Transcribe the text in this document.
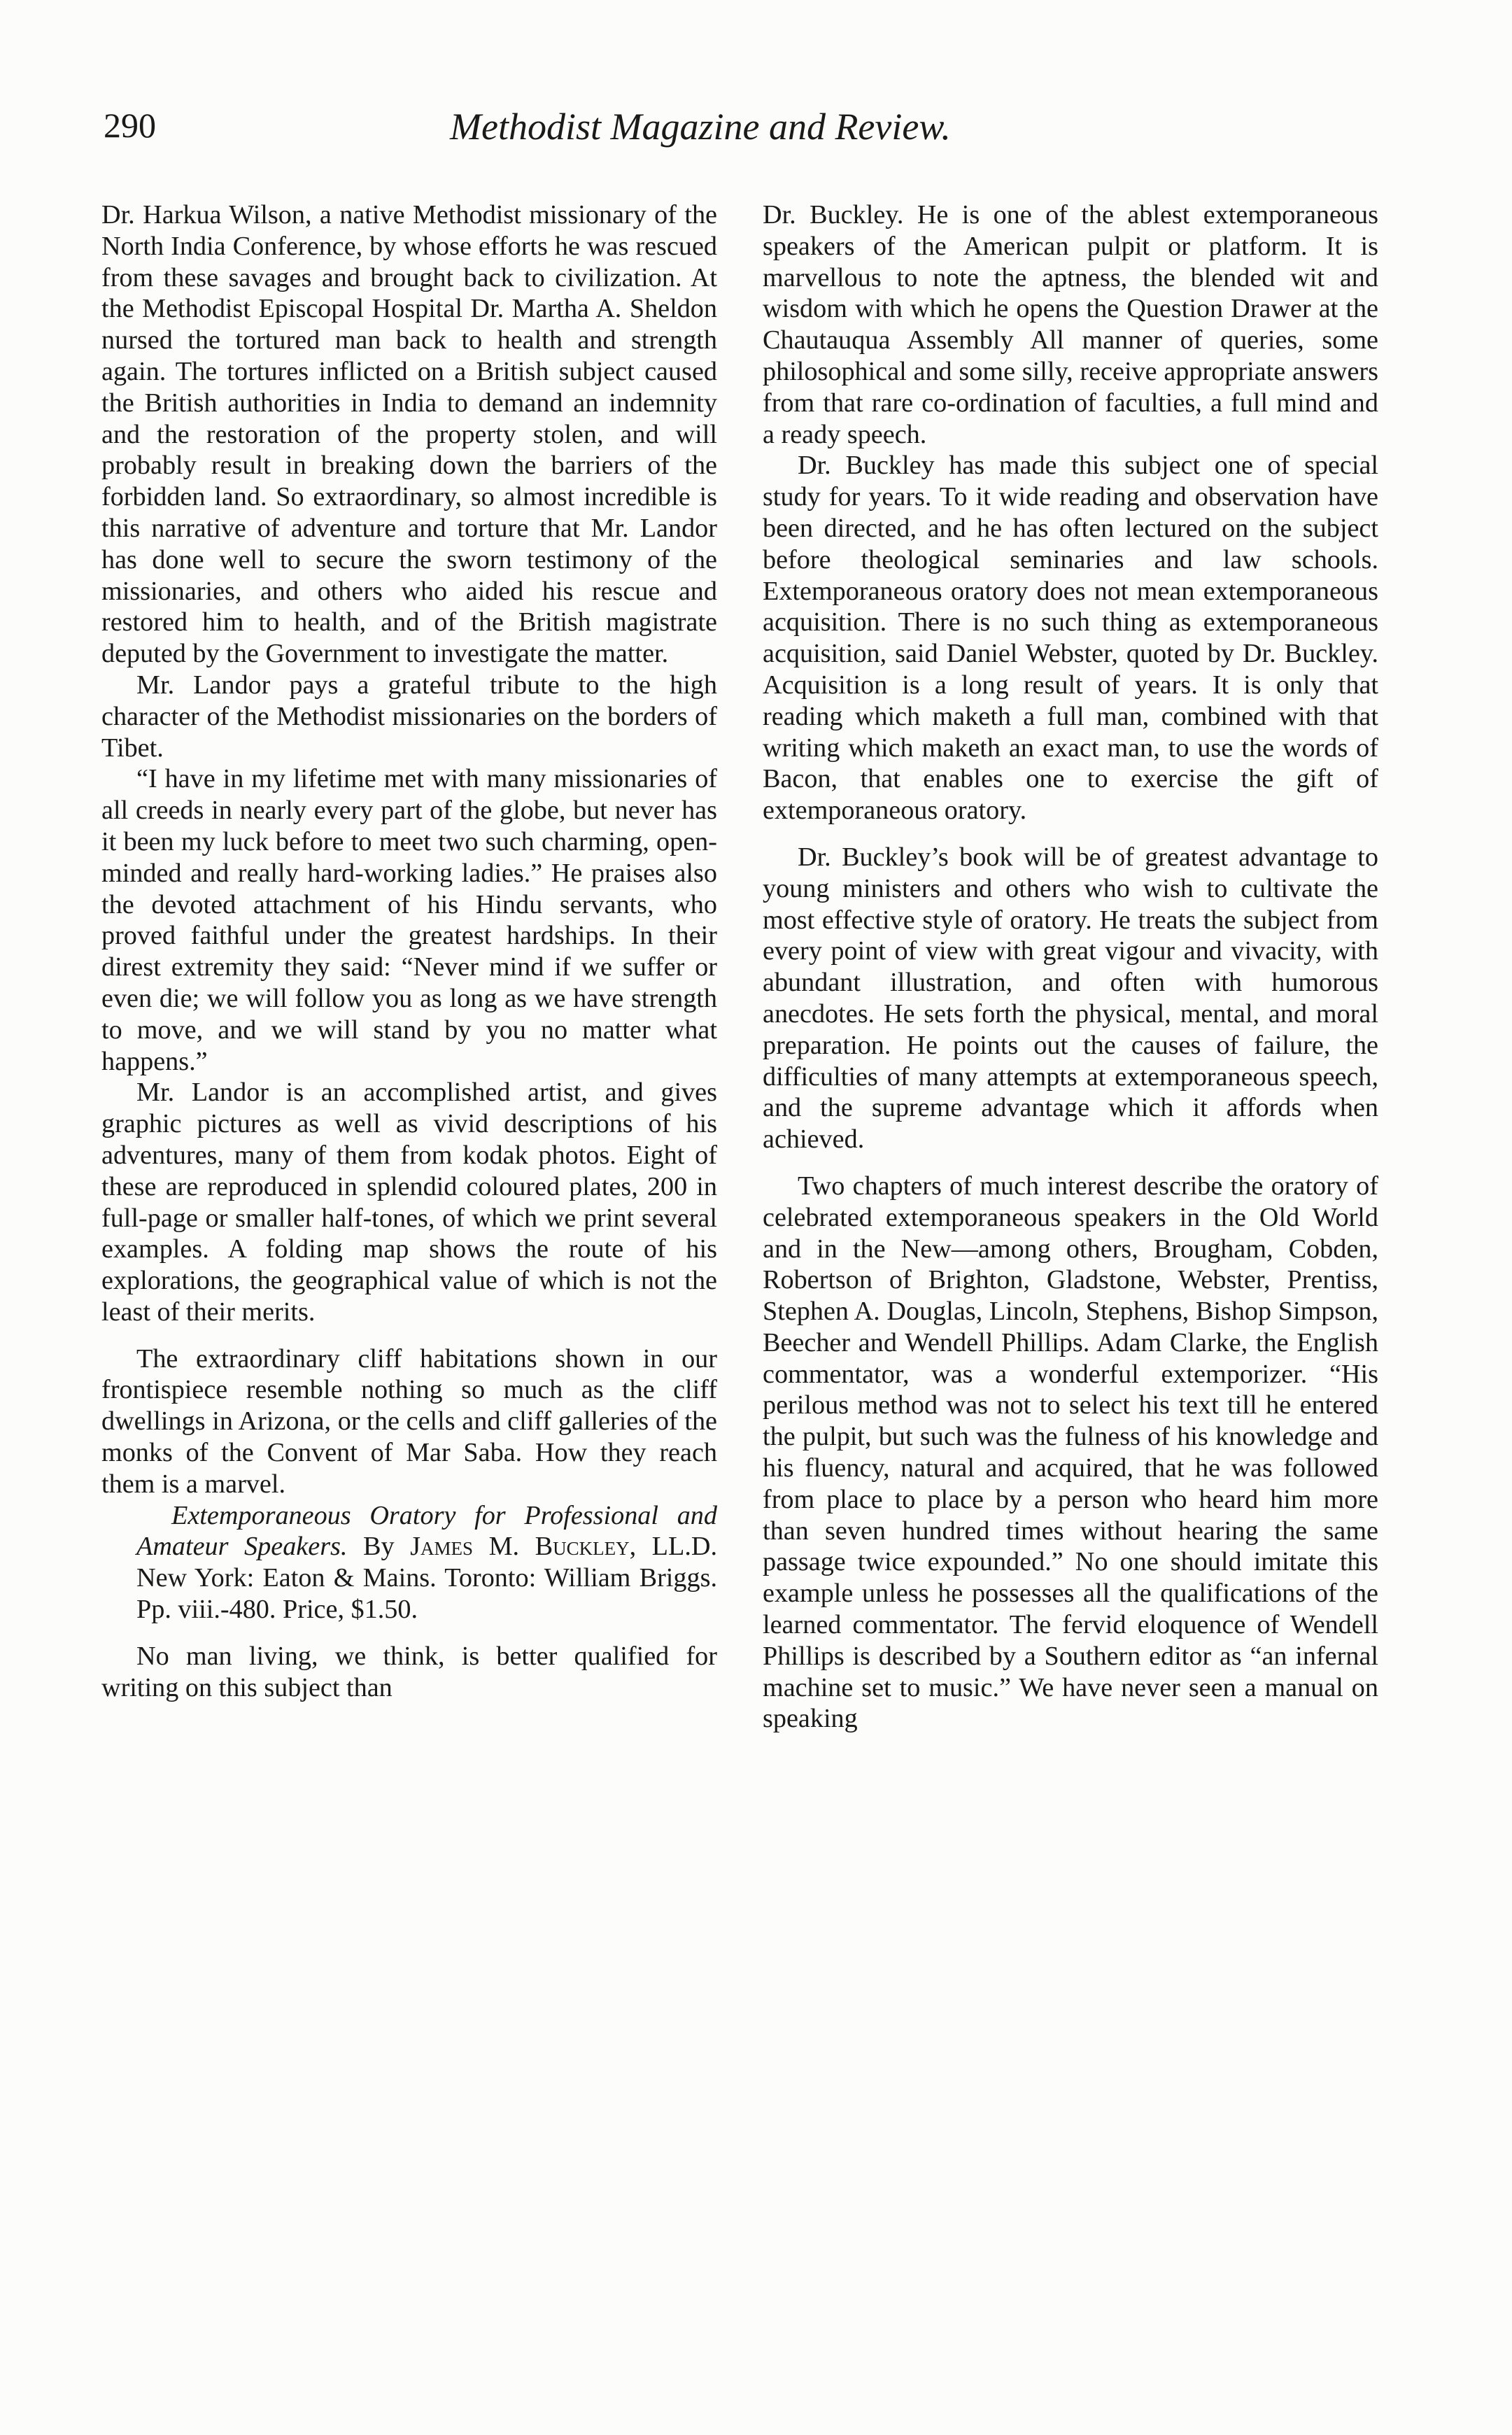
290	Methodist Magazine and Review.

Dr. Harkua Wilson, a native Methodist missionary of the North India Conference, by whose efforts he was rescued from these savages and brought back to civilization. At the Methodist Episcopal Hospital Dr. Martha A. Sheldon nursed the tortured man back to health and strength again. The tortures inflicted on a British subject caused the British authorities in India to demand an indemnity and the restoration of the property stolen, and will probably result in breaking down the barriers of the forbidden land. So extraordinary, so almost incredible is this narrative of adventure and torture that Mr. Landor has done well to secure the sworn testimony of the missionaries, and others who aided his rescue and restored him to health, and of the British magistrate deputed by the Government to investigate the matter.

Mr. Landor pays a grateful tribute to the high character of the Methodist missionaries on the borders of Tibet.

“I have in my lifetime met with many missionaries of all creeds in nearly every part of the globe, but never has it been my luck before to meet two such charming, open-minded and really hard-working ladies.” He praises also the devoted attachment of his Hindu servants, who proved faithful under the greatest hardships. In their direst extremity they said: “Never mind if we suffer or even die; we will follow you as long as we have strength to move, and we will stand by you no matter what happens.”

Mr. Landor is an accomplished artist, and gives graphic pictures as well as vivid descriptions of his adventures, many of them from kodak photos. Eight of these are reproduced in splendid coloured plates, 200 in full-page or smaller half-tones, of which we print several examples. A folding map shows the route of his explorations, the geographical value of which is not the least of their merits.

The extraordinary cliff habitations shown in our frontispiece resemble nothing so much as the cliff dwellings in Arizona, or the cells and cliff galleries of the monks of the Convent of Mar Saba. How they reach them is a marvel.

Extemporaneous Oratory for Professional and Amateur Speakers. By James M. Buckley, LL.D. New York: Eaton & Mains. Toronto: William Briggs. Pp. viii.-480. Price, $1.50.

No man living, we think, is better qualified for writing on this subject than

Dr. Buckley. He is one of the ablest extemporaneous speakers of the American pulpit or platform. It is marvellous to note the aptness, the blended wit and wisdom with which he opens the Question Drawer at the Chautauqua Assembly All manner of queries, some philosophical and some silly, receive appropriate answers from that rare co-ordination of faculties, a full mind and a ready speech.

Dr. Buckley has made this subject one of special study for years. To it wide reading and observation have been directed, and he has often lectured on the subject before theological seminaries and law schools. Extemporaneous oratory does not mean extemporaneous acquisition. There is no such thing as extemporaneous acquisition, said Daniel Webster, quoted by Dr. Buckley. Acquisition is a long result of years. It is only that reading which maketh a full man, combined with that writing which maketh an exact man, to use the words of Bacon, that enables one to exercise the gift of extemporaneous oratory.

Dr. Buckley’s book will be of greatest advantage to young ministers and others who wish to cultivate the most effective style of oratory. He treats the subject from every point of view with great vigour and vivacity, with abundant illustration, and often with humorous anecdotes. He sets forth the physical, mental, and moral preparation. He points out the causes of failure, the difficulties of many attempts at extemporaneous speech, and the supreme advantage which it affords when achieved.

Two chapters of much interest describe the oratory of celebrated extemporaneous speakers in the Old World and in the New—among others, Brougham, Cobden, Robertson of Brighton, Gladstone, Webster, Prentiss, Stephen A. Douglas, Lincoln, Stephens, Bishop Simpson, Beecher and Wendell Phillips. Adam Clarke, the English commentator, was a wonderful extemporizer. “His perilous method was not to select his text till he entered the pulpit, but such was the fulness of his knowledge and his fluency, natural and acquired, that he was followed from place to place by a person who heard him more than seven hundred times without hearing the same passage twice expounded.” No one should imitate this example unless he possesses all the qualifications of the learned commentator. The fervid eloquence of Wendell Phillips is described by a Southern editor as “an infernal machine set to music.” We have never seen a manual on speaking
